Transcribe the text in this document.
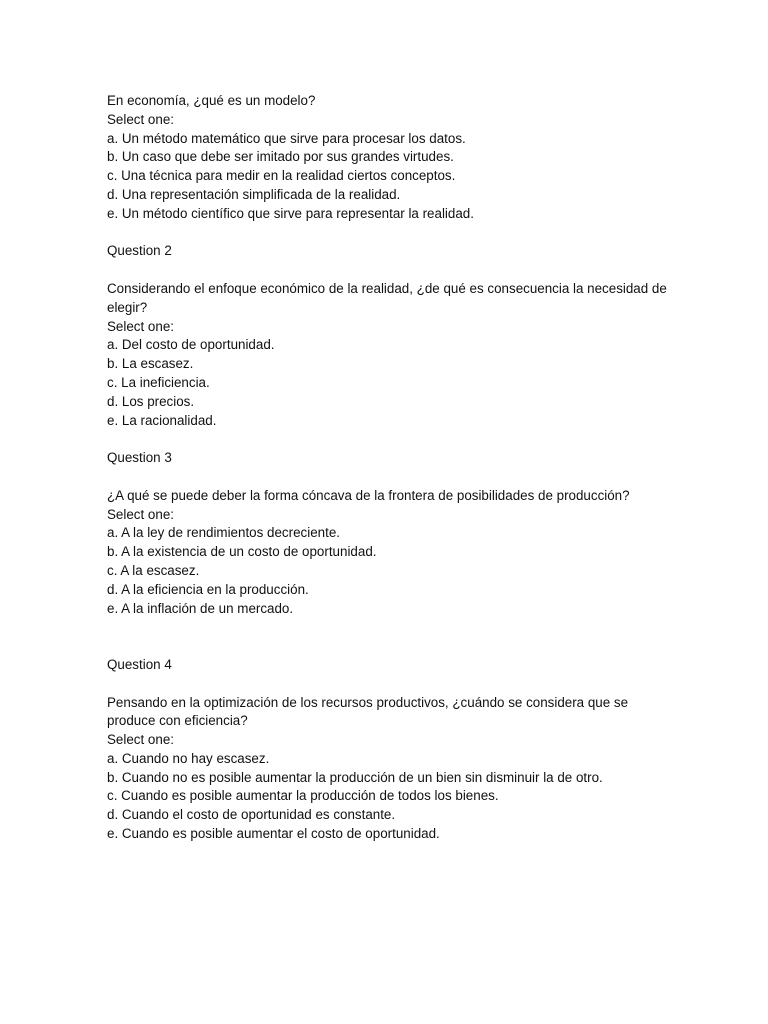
En economía, ¿qué es un modelo?
Select one:
a. Un método matemático que sirve para procesar los datos.
b. Un caso que debe ser imitado por sus grandes virtudes.
c. Una técnica para medir en la realidad ciertos conceptos.
d. Una representación simplificada de la realidad.
e. Un método científico que sirve para representar la realidad.
Question 2
Considerando el enfoque económico de la realidad, ¿de qué es consecuencia la necesidad de elegir?
Select one:
a. Del costo de oportunidad.
b. La escasez.
c. La ineficiencia.
d. Los precios.
e. La racionalidad.
Question 3
¿A qué se puede deber la forma cóncava de la frontera de posibilidades de producción?
Select one:
a. A la ley de rendimientos decreciente.
b. A la existencia de un costo de oportunidad.
c. A la escasez.
d. A la eficiencia en la producción.
e. A la inflación de un mercado.
Question 4
Pensando en la optimización de los recursos productivos, ¿cuándo se considera que se produce con eficiencia?
Select one:
a. Cuando no hay escasez.
b. Cuando no es posible aumentar la producción de un bien sin disminuir la de otro.
c. Cuando es posible aumentar la producción de todos los bienes.
d. Cuando el costo de oportunidad es constante.
e. Cuando es posible aumentar el costo de oportunidad.
